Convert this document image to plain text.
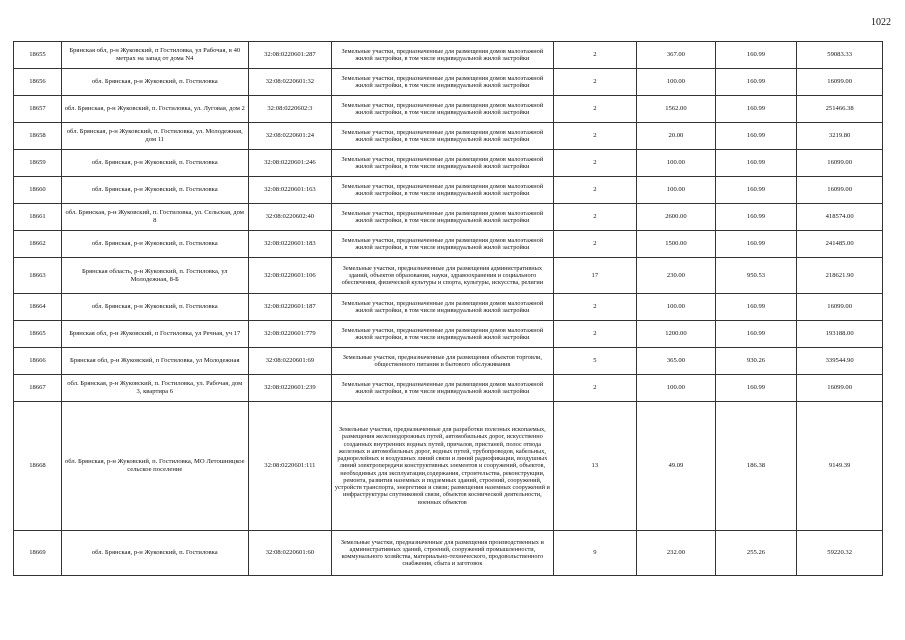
1022
18655	Брянская обл, р-н Жуковский, п Гостиловка, ул Рабочая, в 40 метрах на запад от дома N4	32:08:0220601:287	Земельные участки, предназначенные для размещения домов малоэтажной жилой застройки, в том числе индивидуальной жилой застройки	2	367.00	160.99	59083.33
18656	обл. Брянская, р-н Жуковский, п. Гостиловка	32:08:0220601:32	Земельные участки, предназначенные для размещения домов малоэтажной жилой застройки, в том числе индивидуальной жилой застройки	2	100.00	160.99	16099.00
18657	обл. Брянская, р-н Жуковский, п. Гостиловка, ул. Луговая, дом 2	32:08:0220602:3	Земельные участки, предназначенные для размещения домов малоэтажной жилой застройки, в том числе индивидуальной жилой застройки	2	1562.00	160.99	251466.38
18658	обл. Брянская, р-н Жуковский, п. Гостиловка, ул. Молодежная, дом 11	32:08:0220601:24	Земельные участки, предназначенные для размещения домов малоэтажной жилой застройки, в том числе индивидуальной жилой застройки	2	20.00	160.99	3219.80
18659	обл. Брянская, р-н Жуковский, п. Гостиловка	32:08:0220601:246	Земельные участки, предназначенные для размещения домов малоэтажной жилой застройки, в том числе индивидуальной жилой застройки	2	100.00	160.99	16099.00
18660	обл. Брянская, р-н Жуковский, п. Гостиловка	32:08:0220601:163	Земельные участки, предназначенные для размещения домов малоэтажной жилой застройки, в том числе индивидуальной жилой застройки	2	100.00	160.99	16099.00
18661	обл. Брянская, р-н Жуковский, п. Гостиловка, ул. Сельская, дом 8	32:08:0220602:40	Земельные участки, предназначенные для размещения домов малоэтажной жилой застройки, в том числе индивидуальной жилой застройки	2	2600.00	160.99	418574.00
18662	обл. Брянская, р-н Жуковский, п. Гостиловка	32:08:0220601:183	Земельные участки, предназначенные для размещения домов малоэтажной жилой застройки, в том числе индивидуальной жилой застройки	2	1500.00	160.99	241485.00
18663	Брянская область, р-н Жуковский, п. Гостиловка, ул Молодежная, 8-Б	32:08:0220601:106	Земельные участки, предназначенные для размещения административных зданий, объектов образования, науки, здравоохранения и социального обеспечения, физической культуры и спорта, культуры, искусства, религии	17	230.00	950.53	218621.90
18664	обл. Брянская, р-н Жуковский, п. Гостиловка	32:08:0220601:187	Земельные участки, предназначенные для размещения домов малоэтажной жилой застройки, в том числе индивидуальной жилой застройки	2	100.00	160.99	16099.00
18665	Брянская обл, р-н Жуковский, п Гостиловка, ул Речная, уч 17	32:08:0220601:779	Земельные участки, предназначенные для размещения домов малоэтажной жилой застройки, в том числе индивидуальной жилой застройки	2	1200.00	160.99	193188.00
18666	Брянская обл, р-н Жуковский, п Гостиловка, ул Молодежная	32:08:0220601:69	Земельные участки, предназначенные для размещения объектов торговли, общественного питания и бытового обслуживания	5	365.00	930.26	339544.90
18667	обл. Брянская, р-н Жуковский, п. Гостиловка, ул. Рабочая, дом 3, квартира 6	32:08:0220601:239	Земельные участки, предназначенные для размещения домов малоэтажной жилой застройки, в том числе индивидуальной жилой застройки	2	100.00	160.99	16099.00
18668	обл. Брянская, р-н Жуковский, п. Гостиловка, МО Летошницкое сельское поселение	32:08:0220601:111	Земельные участки, предназначенные для разработки полезных ископаемых, размещения железнодорожных путей, автомобильных дорог, искусственно созданных внутренних водных путей, причалов, пристаней, полос отвода железных и автомобильных дорог, водных путей, трубопроводов, кабельных, радиорелейных и воздушных линий связи и линий радиофикации, воздушных линий электропередачи конструктивных элементов и сооружений, объектов, необходимых для эксплуатации,содержания, строительства, реконструкции, ремонта, развития наземных и подземных зданий, строений, сооружений, устройств транспорта, энергетики и связи; размещения наземных сооружений и инфраструктуры спутниковой связи, объектов космической деятельности, военных объектов	13	49.09	186.38	9149.39
18669	обл. Брянская, р-н Жуковский, п. Гостиловка	32:08:0220601:60	Земельные участки, предназначенные для размещения производственных и административных зданий, строений, сооружений промышленности, коммунального хозяйства, материально-технического, продовольственного снабжения, сбыта и заготовок	9	232.00	255.26	59220.32
